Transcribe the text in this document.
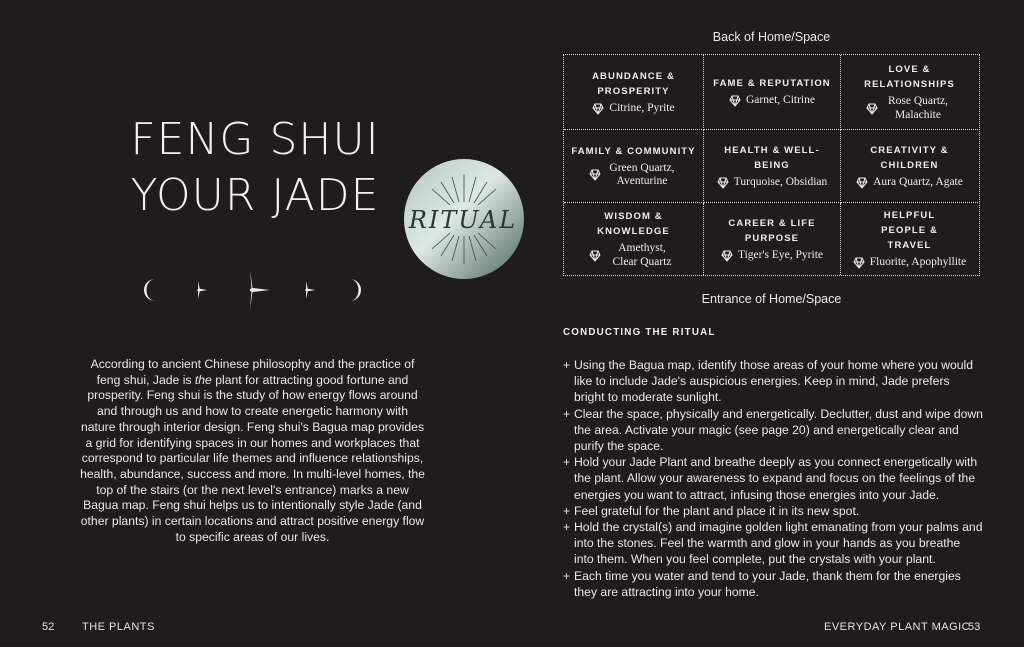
FENG SHUI
YOUR JADE	RITUAL
According to ancient Chinese philosophy and the practice of feng shui, Jade is the plant for attracting good fortune and prosperity. Feng shui is the study of how energy flows around and through us and how to create energetic harmony with nature through interior design. Feng shui's Bagua map provides a grid for identifying spaces in our homes and workplaces that correspond to particular life themes and influence relationships, health, abundance, success and more. In multi-level homes, the top of the stairs (or the next level's entrance) marks a new Bagua map. Feng shui helps us to intentionally style Jade (and other plants) in certain locations and attract positive energy flow to specific areas of our lives.
52	THE PLANTS
Back of Home/Space
ABUNDANCE & PROSPERITY
Citrine, Pyrite
FAME & REPUTATION
Garnet, Citrine
LOVE & RELATIONSHIPS
Rose Quartz, Malachite
FAMILY & COMMUNITY
Green Quartz, Aventurine
HEALTH & WELL-BEING
Turquoise, Obsidian
CREATIVITY & CHILDREN
Aura Quartz, Agate
WISDOM & KNOWLEDGE
Amethyst, Clear Quartz
CAREER & LIFE PURPOSE
Tiger's Eye, Pyrite
HELPFUL PEOPLE & TRAVEL
Fluorite, Apophyllite
Entrance of Home/Space
CONDUCTING THE RITUAL
+ Using the Bagua map, identify those areas of your home where you would like to include Jade's auspicious energies. Keep in mind, Jade prefers bright to moderate sunlight.
+ Clear the space, physically and energetically. Declutter, dust and wipe down the area. Activate your magic (see page 20) and energetically clear and purify the space.
+ Hold your Jade Plant and breathe deeply as you connect energetically with the plant. Allow your awareness to expand and focus on the feelings of the energies you want to attract, infusing those energies into your Jade.
+ Feel grateful for the plant and place it in its new spot.
+ Hold the crystal(s) and imagine golden light emanating from your palms and into the stones. Feel the warmth and glow in your hands as you breathe into them. When you feel complete, put the crystals with your plant.
+ Each time you water and tend to your Jade, thank them for the energies they are attracting into your home.
EVERYDAY PLANT MAGIC
53
